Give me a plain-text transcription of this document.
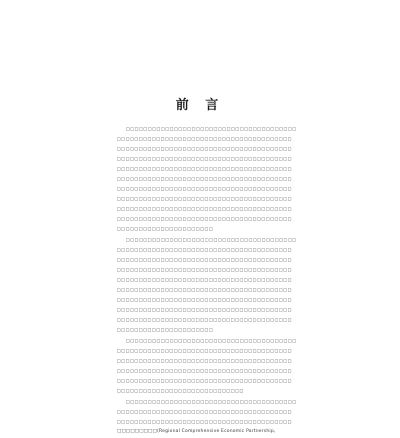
前 言
□□□□□□□□□□□□□□□□□□□□□□□□□□□□□□□□□□□□□□□
□□□□□□□□□□□□□□□□□□□□□□□□□□□□□□□□□□□□□□□□
□□□□□□□□□□□□□□□□□□□□□□□□□□□□□□□□□□□□□□□□
□□□□□□□□□□□□□□□□□□□□□□□□□□□□□□□□□□□□□□□□
□□□□□□□□□□□□□□□□□□□□□□□□□□□□□□□□□□□□□□□□
□□□□□□□□□□□□□□□□□□□□□□□□□□□□□□□□□□□□□□□□
□□□□□□□□□□□□□□□□□□□□□□□□□□□□□□□□□□□□□□□□
□□□□□□□□□□□□□□□□□□□□□□□□□□□□□□□□□□□□□□□□
□□□□□□□□□□□□□□□□□□□□□□□□□□□□□□□□□□□□□□□□
□□□□□□□□□□□□□□□□□□□□□□□□□□□□□□□□□□□□□□□□
□□□□□□□□□□□□□□□□□□□□□□
□□□□□□□□□□□□□□□□□□□□□□□□□□□□□□□□□□□□□□□
□□□□□□□□□□□□□□□□□□□□□□□□□□□□□□□□□□□□□□□□
□□□□□□□□□□□□□□□□□□□□□□□□□□□□□□□□□□□□□□□□
□□□□□□□□□□□□□□□□□□□□□□□□□□□□□□□□□□□□□□□□
□□□□□□□□□□□□□□□□□□□□□□□□□□□□□□□□□□□□□□□□
□□□□□□□□□□□□□□□□□□□□□□□□□□□□□□□□□□□□□□□□
□□□□□□□□□□□□□□□□□□□□□□□□□□□□□□□□□□□□□□□□
□□□□□□□□□□□□□□□□□□□□□□□□□□□□□□□□□□□□□□□□
□□□□□□□□□□□□□□□□□□□□□□□□□□□□□□□□□□□□□□□□
□□□□□□□□□□□□□□□□□□□□□□
□□□□□□□□□□□□□□□□□□□□□□□□□□□□□□□□□□□□□□□
□□□□□□□□□□□□□□□□□□□□□□□□□□□□□□□□□□□□□□□□
□□□□□□□□□□□□□□□□□□□□□□□□□□□□□□□□□□□□□□□□
□□□□□□□□□□□□□□□□□□□□□□□□□□□□□□□□□□□□□□□□
□□□□□□□□□□□□□□□□□□□□□□□□□□□□□□□□□□□□□□□□
□□□□□□□□□□□□□□□□□□□□□□□□□□□□□
□□□□□□□□□□□□□□□□□□□□□□□□□□□□□□□□□□□□□□□
□□□□□□□□□□□□□□□□□□□□□□□□□□□□□□□□□□□□□□□□
□□□□□□□□□□□□□□□□□□□□□□□□□□□□□□□□□□□□□□□□
□□□□□□□□□(Regional Comprehensive Economic Partnership,
